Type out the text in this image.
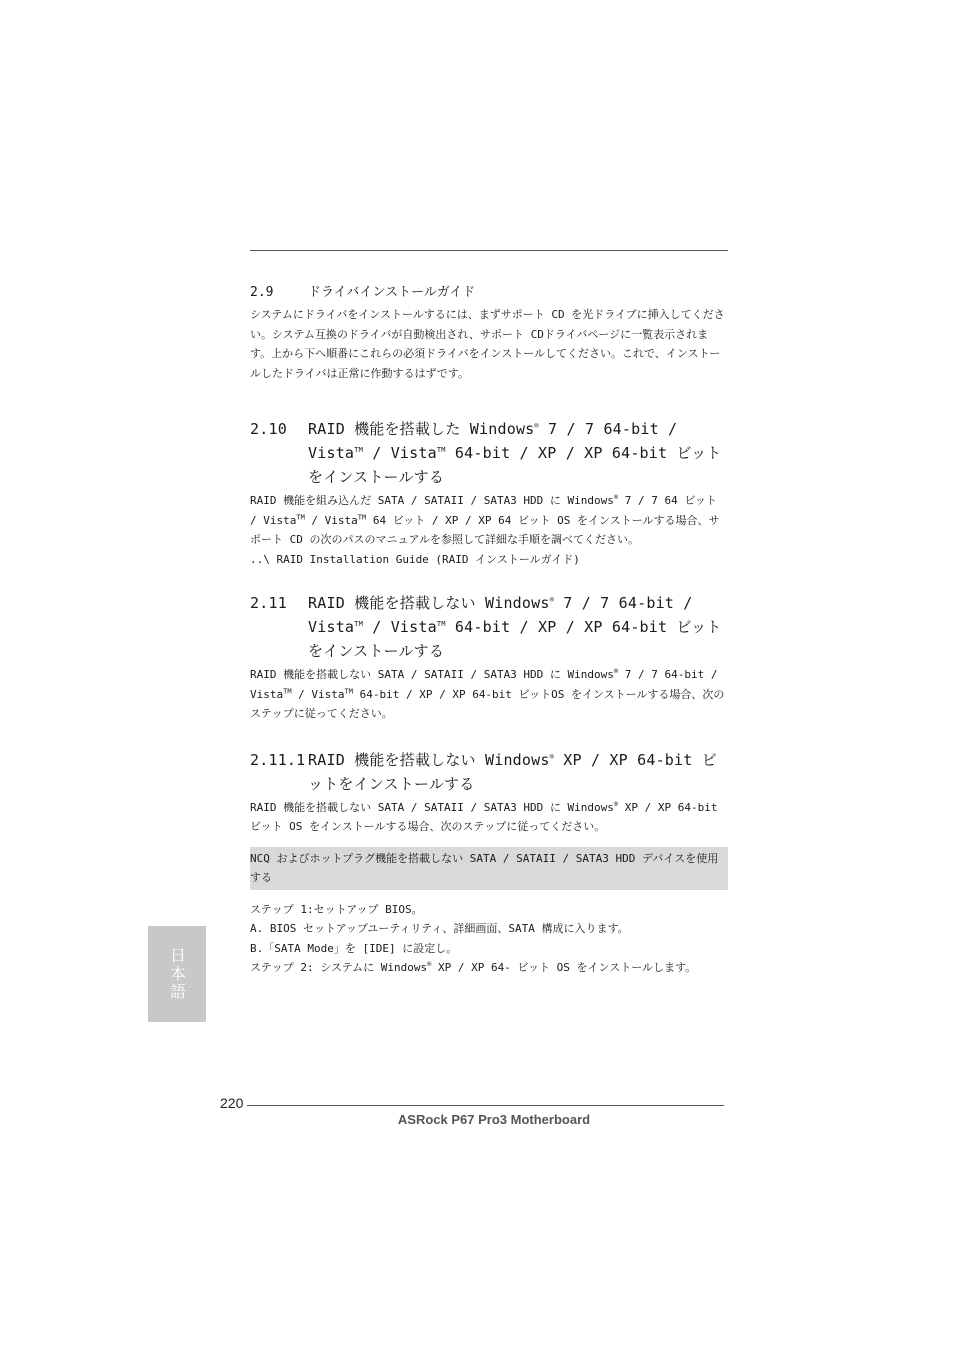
2.9	ドライバインストールガイド

システムにドライバをインストールするには、まずサポート CD を光ドライブに挿入してください。システム互換のドライバが自動検出され、サポート CDドライバページに一覧表示されます。上から下へ順番にこれらの必須ドライバをインストールしてください。これで、インストールしたドライバは正常に作動するはずです。

2.10 RAID 機能を搭載した Windows® 7 / 7 64-bit / Vista™ / Vista™ 64-bit / XP / XP 64-bit ビットをインストールする

RAID 機能を組み込んだ SATA / SATAII / SATA3 HDD に Windows® 7 / 7 64 ビット / Vista™ / Vista™ 64 ビット / XP / XP 64 ビット OS をインストールする場合、サポート CD の次のパスのマニュアルを参照して詳細な手順を調べてください。
..\ RAID Installation Guide (RAID インストールガイド)

2.11 RAID 機能を搭載しない Windows® 7 / 7 64-bit / Vista™ / Vista™ 64-bit / XP / XP 64-bit ビットをインストールする

RAID 機能を搭載しない SATA / SATAII / SATA3 HDD に Windows® 7 / 7 64-bit / Vista™ / Vista™ 64-bit / XP / XP 64-bit ビットOS をインストールする場合、次のステップに従ってください。

2.11.1 RAID 機能を搭載しない Windows® XP / XP 64-bit ビットをインストールする

RAID 機能を搭載しない SATA / SATAII / SATA3 HDD に Windows® XP / XP 64-bit ビット OS をインストールする場合、次のステップに従ってください。

NCQ およびホットプラグ機能を搭載しない SATA / SATAII / SATA3 HDD デバイスを使用する
ステップ 1:セットアップ BIOS。
A. BIOS セットアップユーティリティ、詳細画面、SATA 構成に入ります。
B.「SATA Mode」を [IDE] に設定し。
ステップ 2: システムに Windows® XP / XP 64- ビット OS をインストールします。
日本語
220
ASRock P67 Pro3 Motherboard
